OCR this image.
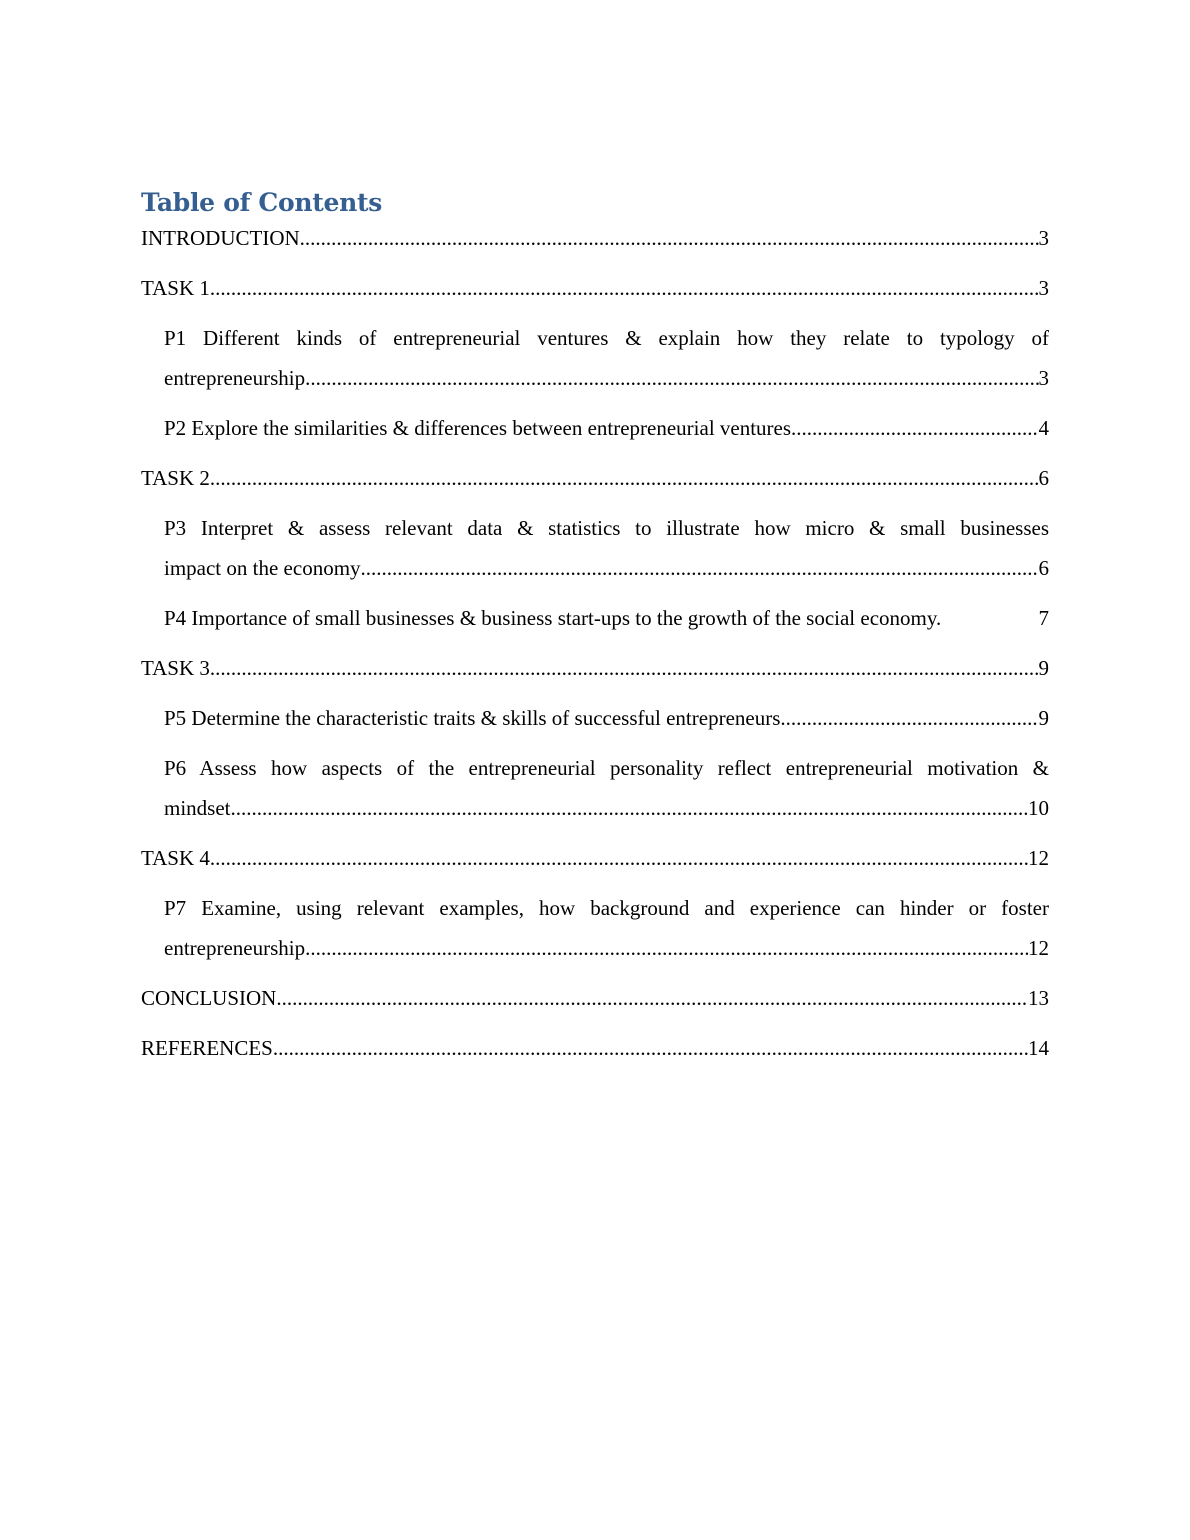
Table of Contents
INTRODUCTION .....	3
TASK 1 .....	3
P1 Different kinds of entrepreneurial ventures & explain how they relate to typology of
entrepreneurship .....	3
P2 Explore the similarities & differences between entrepreneurial ventures .....	4
TASK 2 .....	6
P3 Interpret & assess relevant data & statistics to illustrate how micro & small businesses
impact on the economy .....	6
P4 Importance of small businesses & business start-ups to the growth of the social economy.	7
TASK 3 .....	9
P5 Determine the characteristic traits & skills of successful entrepreneurs .....	9
P6 Assess how aspects of the entrepreneurial personality reflect entrepreneurial motivation &
mindset .....	10
TASK 4 .....	12
P7 Examine, using relevant examples, how background and experience can hinder or foster
entrepreneurship .....	12
CONCLUSION .....	13
REFERENCES .....	14
